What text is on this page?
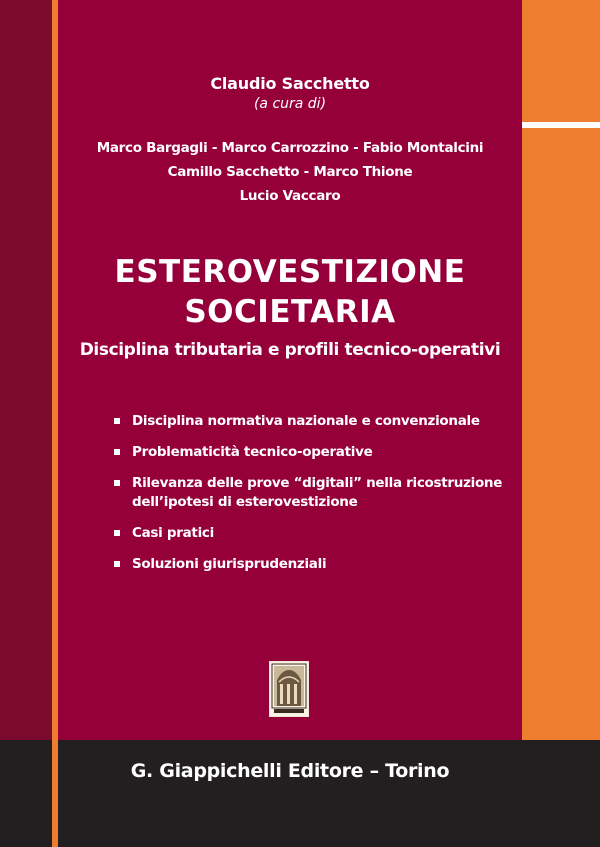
Claudio Sacchetto
(a cura di)
Marco Bargagli - Marco Carrozzino - Fabio Montalcini
Camillo Sacchetto - Marco Thione
Lucio Vaccaro
ESTEROVESTIZIONE
SOCIETARIA
Disciplina tributaria e profili tecnico-operativi
Disciplina normativa nazionale e convenzionale
Problematicità tecnico-operative
Rilevanza delle prove “digitali” nella ricostruzione dell’ipotesi di esterovestizione
Casi pratici
Soluzioni giurisprudenziali
G. Giappichelli Editore – Torino
